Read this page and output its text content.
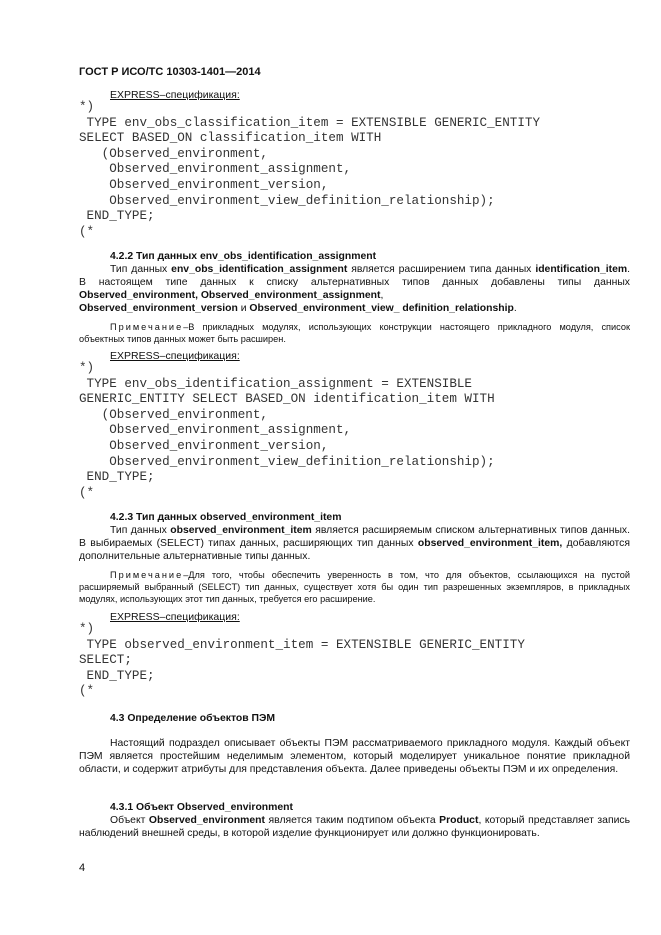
ГОСТ Р ИСО/ТС 10303-1401—2014
EXPRESS–спецификация:
*)
TYPE env_obs_classification_item = EXTENSIBLE GENERIC_ENTITY
SELECT BASED_ON classification_item WITH
(Observed_environment,
Observed_environment_assignment,
Observed_environment_version,
Observed_environment_view_definition_relationship);
END_TYPE;
(*
4.2.2 Тип данных env_obs_identification_assignment

Тип данных env_obs_identification_assignment является расширением типа данных identification_item. В настоящем типе данных к списку альтернативных типов данных добавлены типы данных Observed_environment, Observed_environment_assignment,
Observed_environment_version и Observed_environment_view_ definition_relationship.

Примечание–В прикладных модулях, использующих конструкции настоящего прикладного модуля, список объектных типов данных может быть расширен.

EXPRESS–спецификация:
*)
TYPE env_obs_identification_assignment = EXTENSIBLE
GENERIC_ENTITY SELECT BASED_ON identification_item WITH
(Observed_environment,
Observed_environment_assignment,
Observed_environment_version,
Observed_environment_view_definition_relationship);
END_TYPE;
(*
4.2.3 Тип данных observed_environment_item

Тип данных observed_environment_item является расширяемым списком альтернативных типов данных. В выбираемых (SELECT) типах данных, расширяющих тип данных observed_environment_item, добавляются дополнительные альтернативные типы данных.

Примечание–Для того, чтобы обеспечить уверенность в том, что для объектов, ссылающихся на пустой расширяемый выбранный (SELECT) тип данных, существует хотя бы один тип разрешенных экземпляров, в прикладных модулях, использующих этот тип данных, требуется его расширение.

EXPRESS–спецификация:
*)
TYPE observed_environment_item = EXTENSIBLE GENERIC_ENTITY
SELECT;
END_TYPE;
(*
4.3 Определение объектов ПЭМ

Настоящий подраздел описывает объекты ПЭМ рассматриваемого прикладного модуля. Каждый объект ПЭМ является простейшим неделимым элементом, который моделирует уникальное понятие прикладной области, и содержит атрибуты для представления объекта. Далее приведены объекты ПЭМ и их определения.

4.3.1 Объект Observed_environment

Объект Observed_environment является таким подтипом объекта Product, который представляет запись наблюдений внешней среды, в которой изделие функционирует или должно функционировать.

4
